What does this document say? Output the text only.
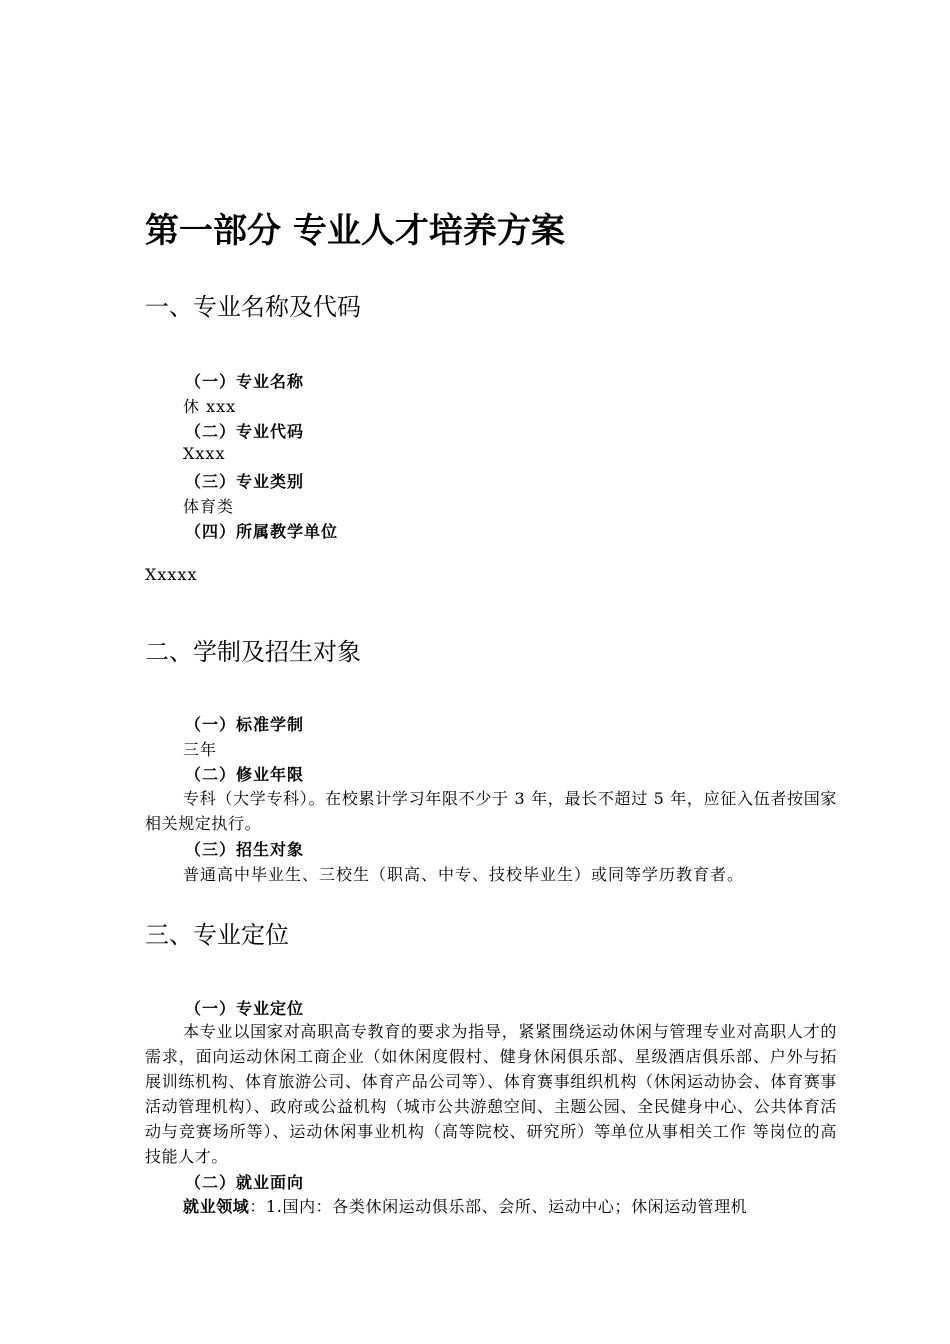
第一部分 专业人才培养方案
一、专业名称及代码
（一）专业名称
休 xxx
（二）专业代码
Xxxx
（三）专业类别
体育类
（四）所属教学单位
Xxxxx
二、学制及招生对象
（一）标准学制
三年
（二）修业年限
专科（大学专科）。在校累计学习年限不少于 3 年，最长不超过 5 年，应征入伍者按国家相关规定执行。
（三）招生对象
普通高中毕业生、三校生（职高、中专、技校毕业生）或同等学历教育者。
三、专业定位
（一）专业定位
本专业以国家对高职高专教育的要求为指导，紧紧围绕运动休闲与管理专业对高职人才的需求，面向运动休闲工商企业（如休闲度假村、健身休闲俱乐部、星级酒店俱乐部、户外与拓展训练机构、体育旅游公司、体育产品公司等）、体育赛事组织机构（休闲运动协会、体育赛事活动管理机构）、政府或公益机构（城市公共游憩空间、主题公园、全民健身中心、公共体育活动与竞赛场所等）、运动休闲事业机构（高等院校、研究所）等单位从事相关工作 等岗位的高技能人才。
（二）就业面向
就业领域：1.国内：各类休闲运动俱乐部、会所、运动中心；休闲运动管理机
